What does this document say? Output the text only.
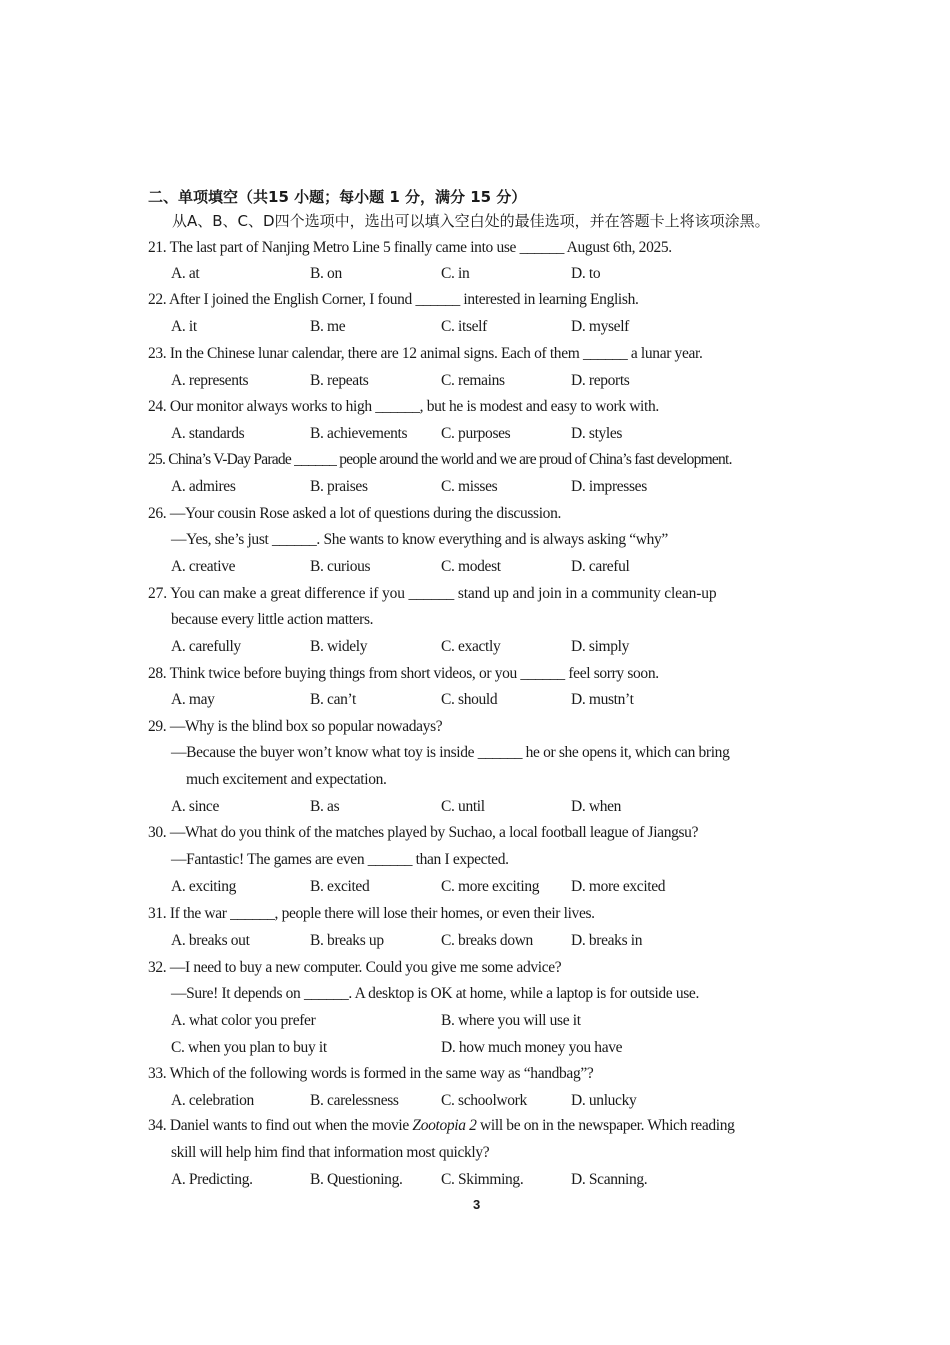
二、单项填空（共15 小题；每小题 1 分，满分 15 分）
从A、B、C、D四个选项中，选出可以填入空白处的最佳选项，并在答题卡上将该项涂黑。
21. The last part of Nanjing Metro Line 5 finally came into use ______ August 6th, 2025.
A. at	B. on	C. in	D. to
22. After I joined the English Corner, I found ______ interested in learning English.
A. it	B. me	C. itself	D. myself
23. In the Chinese lunar calendar, there are 12 animal signs. Each of them ______ a lunar year.
A. represents	B. repeats	C. remains	D. reports
24. Our monitor always works to high ______, but he is modest and easy to work with.
A. standards	B. achievements C. purposes	D. styles
25. China’s V-Day Parade ______ people around the world and we are proud of China’s fast development.
A. admires	B. praises	C. misses	D. impresses
26. —Your cousin Rose asked a lot of questions during the discussion.
—Yes, she’s just ______. She wants to know everything and is always asking “why”
A. creative	B. curious	C. modest	D. careful
27. You can make a great difference if you ______ stand up and join in a community clean-up
because every little action matters.
A. carefully	B. widely	C. exactly	D. simply
28. Think twice before buying things from short videos, or you ______ feel sorry soon.
A. may	B. can’t	C. should	D. mustn’t
29. —Why is the blind box so popular nowadays?
—Because the buyer won’t know what toy is inside ______ he or she opens it, which can bring
much excitement and expectation.
A. since	B. as	C. until	D. when
30. —What do you think of the matches played by Suchao, a local football league of Jiangsu?
—Fantastic! The games are even ______ than I expected.
A. exciting	B. excited	C. more exciting D. more excited
31. If the war ______, people there will lose their homes, or even their lives.
A. breaks out	B. breaks up	C. breaks down D. breaks in
32. —I need to buy a new computer. Could you give me some advice?
—Sure! It depends on ______. A desktop is OK at home, while a laptop is for outside use.
A. what color you prefer	B. where you will use it
C. when you plan to buy it	D. how much money you have
33. Which of the following words is formed in the same way as “handbag”?
A. celebration	B. carelessness	C. schoolwork	D. unlucky
34. Daniel wants to find out when the movie Zootopia 2 will be on in the newspaper. Which reading
skill will help him find that information most quickly?
A. Predicting.	B. Questioning. C. Skimming.	D. Scanning.
3
